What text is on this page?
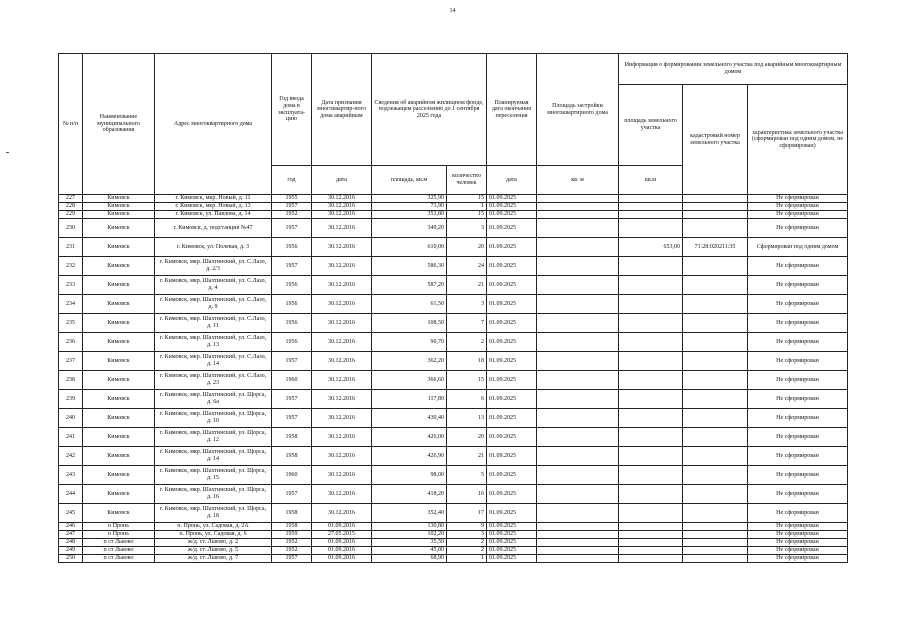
14
№ п/п	Наименование муниципального образования	Адрес многоквартирного дома	Год ввода дома в эксплуата-цию	Дата признания многоквартир-ного дома аварийным	Сведения об аварийном жилищном фонде, подлежащем расселению до 1 сентября 2025 года		Планируемая дата окончания переселения	Площадь застройки многоквартирного дома	Информация о формировании земельного участка под аварийным многоквартирным домом		
									площадь земельного участка	кадастровый номер земельного участка	характеристика земельного участка (сформирован под одним домом, не сформирован)
			год	дата	площадь, кв.м	количество человек	дата	кв. м	кв.м		
227	Кимовск	г. Кимовск, мкр. Новый, д. 11	1955	30.12.2016	325,90	15	01.09.2025				Не сформирован
228	Кимовск	г. Кимовск, мкр. Новый, д. 13	1957	30.12.2016	73,90	1	01.09.2025				Не сформирован
229	Кимовск	г. Кимовск, ул. Павлова, д. 14	1952	30.12.2016	353,80	15	01.09.2025				Не сформирован
230	Кимовск	г. Кимовск, д. подстанция №47	1957	30.12.2016	349,20	3	01.09.2025				Не сформирован
231	Кимовск	г. Кимовск, ул. Полевая, д. 3	1956	30.12.2016	610,00	20	01.09.2025		653,00	71:28:020211:35	Сформирован под одним домом
232	Кимовск	г. Кимовск, мкр. Шахтинский, ул. С.Лазо, д. 2/3	1957	30.12.2016	586,30	24	01.09.2025				Не сформирован
233	Кимовск	г. Кимовск, мкр. Шахтинский, ул. С.Лазо, д. 4	1956	30.12.2016	587,20	21	01.09.2025				Не сформирован
234	Кимовск	г. Кимовск, мкр. Шахтинский, ул. С.Лазо, д. 9	1956	30.12.2016	61,50	3	01.09.2025				Не сформирован
235	Кимовск	г. Кимовск, мкр. Шахтинский, ул. С.Лазо, д. 11	1956	30.12.2016	108,50	7	01.09.2025				Не сформирован
236	Кимовск	г. Кимовск, мкр. Шахтинский, ул. С.Лазо, д. 13	1956	30.12.2016	90,70	2	01.09.2025				Не сформирован
237	Кимовск	г. Кимовск, мкр. Шахтинский, ул. С.Лазо, д. 14	1957	30.12.2016	362,20	18	01.09.2025				Не сформирован
238	Кимовск	г. Кимовск, мкр. Шахтинский, ул. С.Лазо, д. 23	1960	30.12.2016	366,60	15	01.09.2025				Не сформирован
239	Кимовск	г. Кимовск, мкр. Шахтинский, ул. Щорса, д. 6а	1957	30.12.2016	117,80	6	01.09.2025				Не сформирован
240	Кимовск	г. Кимовск, мкр. Шахтинский, ул. Щорса, д. 10	1957	30.12.2016	430,40	13	01.09.2025				Не сформирован
241	Кимовск	г. Кимовск, мкр. Шахтинский, ул. Щорса, д. 12	1958	30.12.2016	426,00	20	01.09.2025				Не сформирован
242	Кимовск	г. Кимовск, мкр. Шахтинский, ул. Щорса, д. 14	1958	30.12.2016	426,90	21	01.09.2025				Не сформирован
243	Кимовск	г. Кимовск, мкр. Шахтинский, ул. Щорса, д. 15	1960	30.12.2016	98,00	5	01.09.2025				Не сформирован
244	Кимовск	г. Кимовск, мкр. Шахтинский, ул. Щорса, д. 16	1957	30.12.2016	418,20	16	01.09.2025				Не сформирован
245	Кимовск	г. Кимовск, мкр. Шахтинский, ул. Щорса, д. 18	1958	30.12.2016	352,40	17	01.09.2025				Не сформирован
246	п Пронь	п. Пронь, ул. Садовая, д. 2А	1958	01.09.2016	130,80	9	01.09.2025				Не сформирован
247	п Пронь	п. Пронь, ул. Садовая, д. 6	1959	27.05.2015	102,20	3	01.09.2025				Не сформирован
248	п ст Львово	ж/д. ст. Львово, д. 2	1952	01.09.2016	35,50	2	01.09.2025				Не сформирован
249	п ст Львово	ж/д. ст. Львово, д. 5	1952	01.09.2016	45,00	2	01.09.2025				Не сформирован
250	п ст Львово	ж/д. ст. Львово, д. 7	1957	01.09.2016	68,90	1	01.09.2025				Не сформирован
